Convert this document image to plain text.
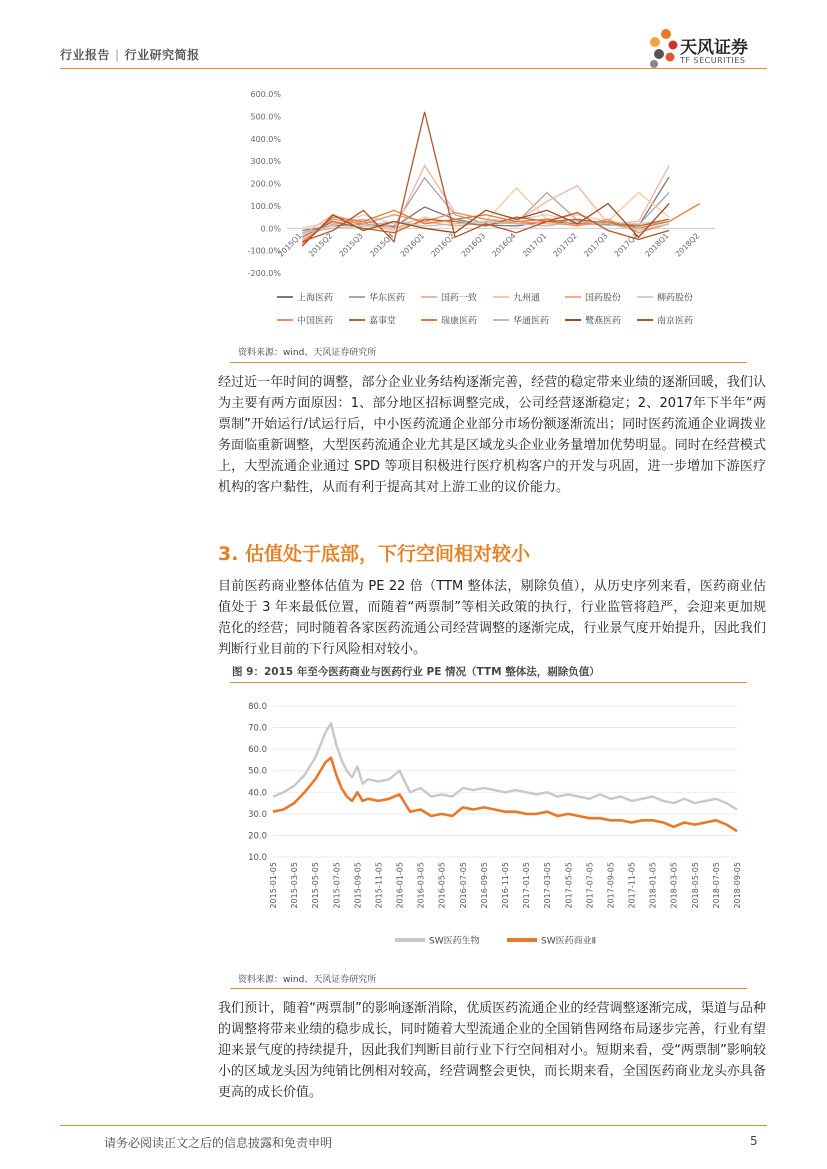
行业报告 | 行业研究简报	天风证券
TF SECURITIES
600.0%
500.0%
400.0%
300.0%
200.0%
100.0%
0.0%
-100.0%
-200.0%
2015Q1 2015Q2 2015Q3 2015Q4 2016Q1 2016Q2 2016Q3 2016Q4 2017Q1 2017Q2 2017Q3 2017Q4 2018Q1 2018Q2
上海医药	华东医药	国药一致	九州通	国药股份	柳药股份
中国医药	嘉事堂	瑞康医药	华通医药	鹭燕医药	南京医药
资料来源：wind、天风证券研究所
经过近一年时间的调整，部分企业业务结构逐渐完善，经营的稳定带来业绩的逐渐回暖，我们认为主要有两方面原因：1、部分地区招标调整完成，公司经营逐渐稳定；2、2017年下半年“两票制”开始运行/试运行后，中小医药流通企业部分市场份额逐渐流出；同时医药流通企业调拨业务面临重新调整，大型医药流通企业尤其是区域龙头企业业务量增加优势明显。同时在经营模式上，大型流通企业通过 SPD 等项目积极进行医疗机构客户的开发与巩固，进一步增加下游医疗机构的客户黏性，从而有利于提高其对上游工业的议价能力。
3. 估值处于底部，下行空间相对较小
目前医药商业整体估值为 PE 22 倍（TTM 整体法，剔除负值），从历史序列来看，医药商业估值处于 3 年来最低位置，而随着“两票制”等相关政策的执行，行业监管将趋严，会迎来更加规范化的经营；同时随着各家医药流通公司经营调整的逐渐完成，行业景气度开始提升，因此我们判断行业目前的下行风险相对较小。
图 9：2015 年至今医药商业与医药行业 PE 情况（TTM 整体法，剔除负值）
80.0
70.0
60.0
50.0
40.0
30.0
20.0
10.0
2015-01-05 2015-03-05 2015-05-05 2015-07-05 2015-09-05 2015-11-05 2016-01-05 2016-03-05 2016-05-05 2016-07-05 2016-09-05 2016-11-05 2017-01-05 2017-03-05 2017-05-05 2017-07-05 2017-09-05 2017-11-05 2018-01-05 2018-03-05 2018-05-05 2018-07-05 2018-09-05
SW医药生物	SW医药商业Ⅱ
资料来源：wind、天风证券研究所
我们预计，随着“两票制”的影响逐渐消除，优质医药流通企业的经营调整逐渐完成，渠道与品种的调整将带来业绩的稳步成长，同时随着大型流通企业的全国销售网络布局逐步完善，行业有望迎来景气度的持续提升，因此我们判断目前行业下行空间相对小。短期来看，受“两票制”影响较小的区域龙头因为纯销比例相对较高，经营调整会更快，而长期来看，全国医药商业龙头亦具备更高的成长价值。
请务必阅读正文之后的信息披露和免责申明	5
